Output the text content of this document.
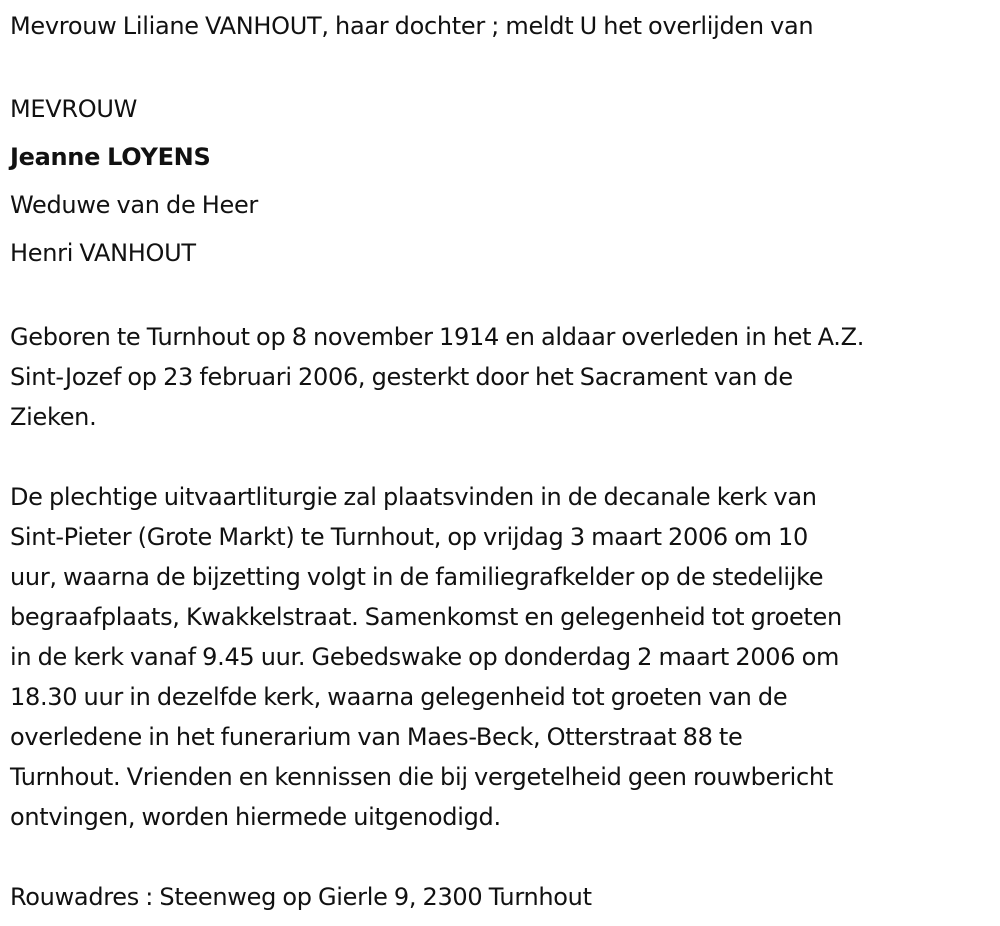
Mevrouw Liliane VANHOUT, haar dochter ; meldt U het overlijden van

MEVROUW

Jeanne LOYENS

Weduwe van de Heer

Henri VANHOUT

Geboren te Turnhout op 8 november 1914 en aldaar overleden in het A.Z.

Sint-Jozef op 23 februari 2006, gesterkt door het Sacrament van de

Zieken.

De plechtige uitvaartliturgie zal plaatsvinden in de decanale kerk van

Sint-Pieter (Grote Markt) te Turnhout, op vrijdag 3 maart 2006 om 10

uur, waarna de bijzetting volgt in de familiegrafkelder op de stedelijke

begraafplaats, Kwakkelstraat. Samenkomst en gelegenheid tot groeten

in de kerk vanaf 9.45 uur. Gebedswake op donderdag 2 maart 2006 om

18.30 uur in dezelfde kerk, waarna gelegenheid tot groeten van de

overledene in het funerarium van Maes-Beck, Otterstraat 88 te

Turnhout. Vrienden en kennissen die bij vergetelheid geen rouwbericht

ontvingen, worden hiermede uitgenodigd.

Rouwadres : Steenweg op Gierle 9, 2300 Turnhout
